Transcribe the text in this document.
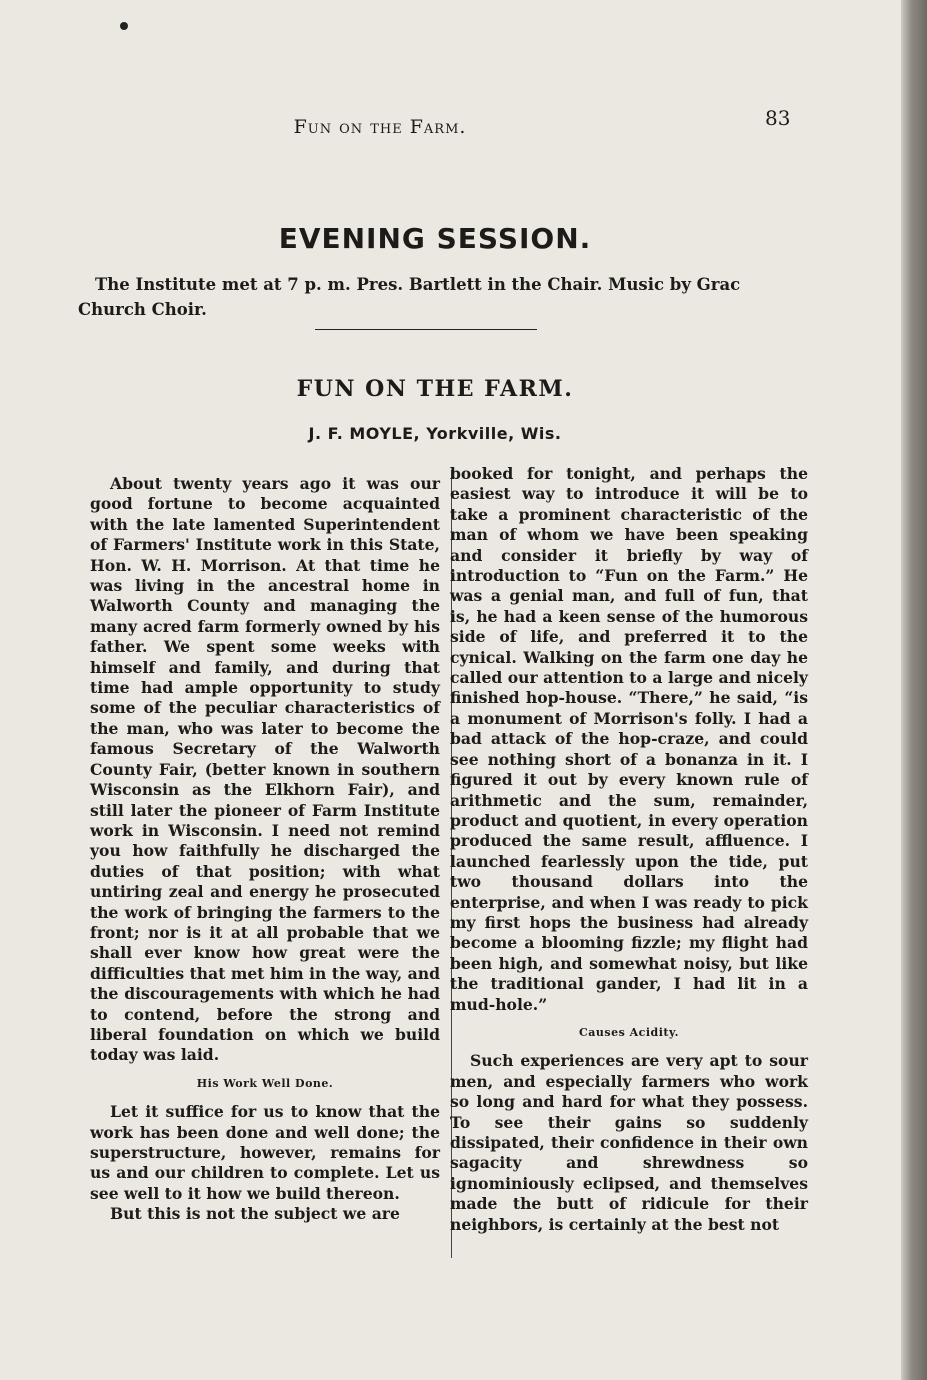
Fun on the Farm.	83
EVENING SESSION.
The Institute met at 7 p. m. Pres. Bartlett in the Chair. Music by Grac
Church Choir.
FUN ON THE FARM.
J. F. MOYLE, Yorkville, Wis.

About twenty years ago it was our good fortune to become acquainted with the late lamented Superintendent of Farmers' Institute work in this State, Hon. W. H. Morrison. At that time he was living in the ancestral home in Walworth County and managing the many acred farm formerly owned by his father. We spent some weeks with himself and family, and during that time had ample opportunity to study some of the peculiar characteristics of the man, who was later to become the famous Secretary of the Walworth County Fair, (better known in southern Wisconsin as the Elkhorn Fair), and still later the pioneer of Farm Institute work in Wisconsin. I need not remind you how faithfully he discharged the duties of that position; with what untiring zeal and energy he prosecuted the work of bringing the farmers to the front; nor is it at all probable that we shall ever know how great were the difficulties that met him in the way, and the discouragements with which he had to contend, before the strong and liberal foundation on which we build today was laid.

His Work Well Done.

Let it suffice for us to know that the work has been done and well done; the superstructure, however, remains for us and our children to complete. Let us see well to it how we build thereon.

But this is not the subject we are

booked for tonight, and perhaps the easiest way to introduce it will be to take a prominent characteristic of the man of whom we have been speaking and consider it briefly by way of introduction to “Fun on the Farm.” He was a genial man, and full of fun, that is, he had a keen sense of the humorous side of life, and preferred it to the cynical. Walking on the farm one day he called our attention to a large and nicely finished hop-house. “There,” he said, “is a monument of Morrison's folly. I had a bad attack of the hop-craze, and could see nothing short of a bonanza in it. I figured it out by every known rule of arithmetic and the sum, remainder, product and quotient, in every operation produced the same result, affluence. I launched fearlessly upon the tide, put two thousand dollars into the enterprise, and when I was ready to pick my first hops the business had already become a blooming fizzle; my flight had been high, and somewhat noisy, but like the traditional gander, I had lit in a mud-hole.”

Causes Acidity.

Such experiences are very apt to sour men, and especially farmers who work so long and hard for what they possess. To see their gains so suddenly dissipated, their confidence in their own sagacity and shrewdness so ignominiously eclipsed, and themselves made the butt of ridicule for their neighbors, is certainly at the best not
